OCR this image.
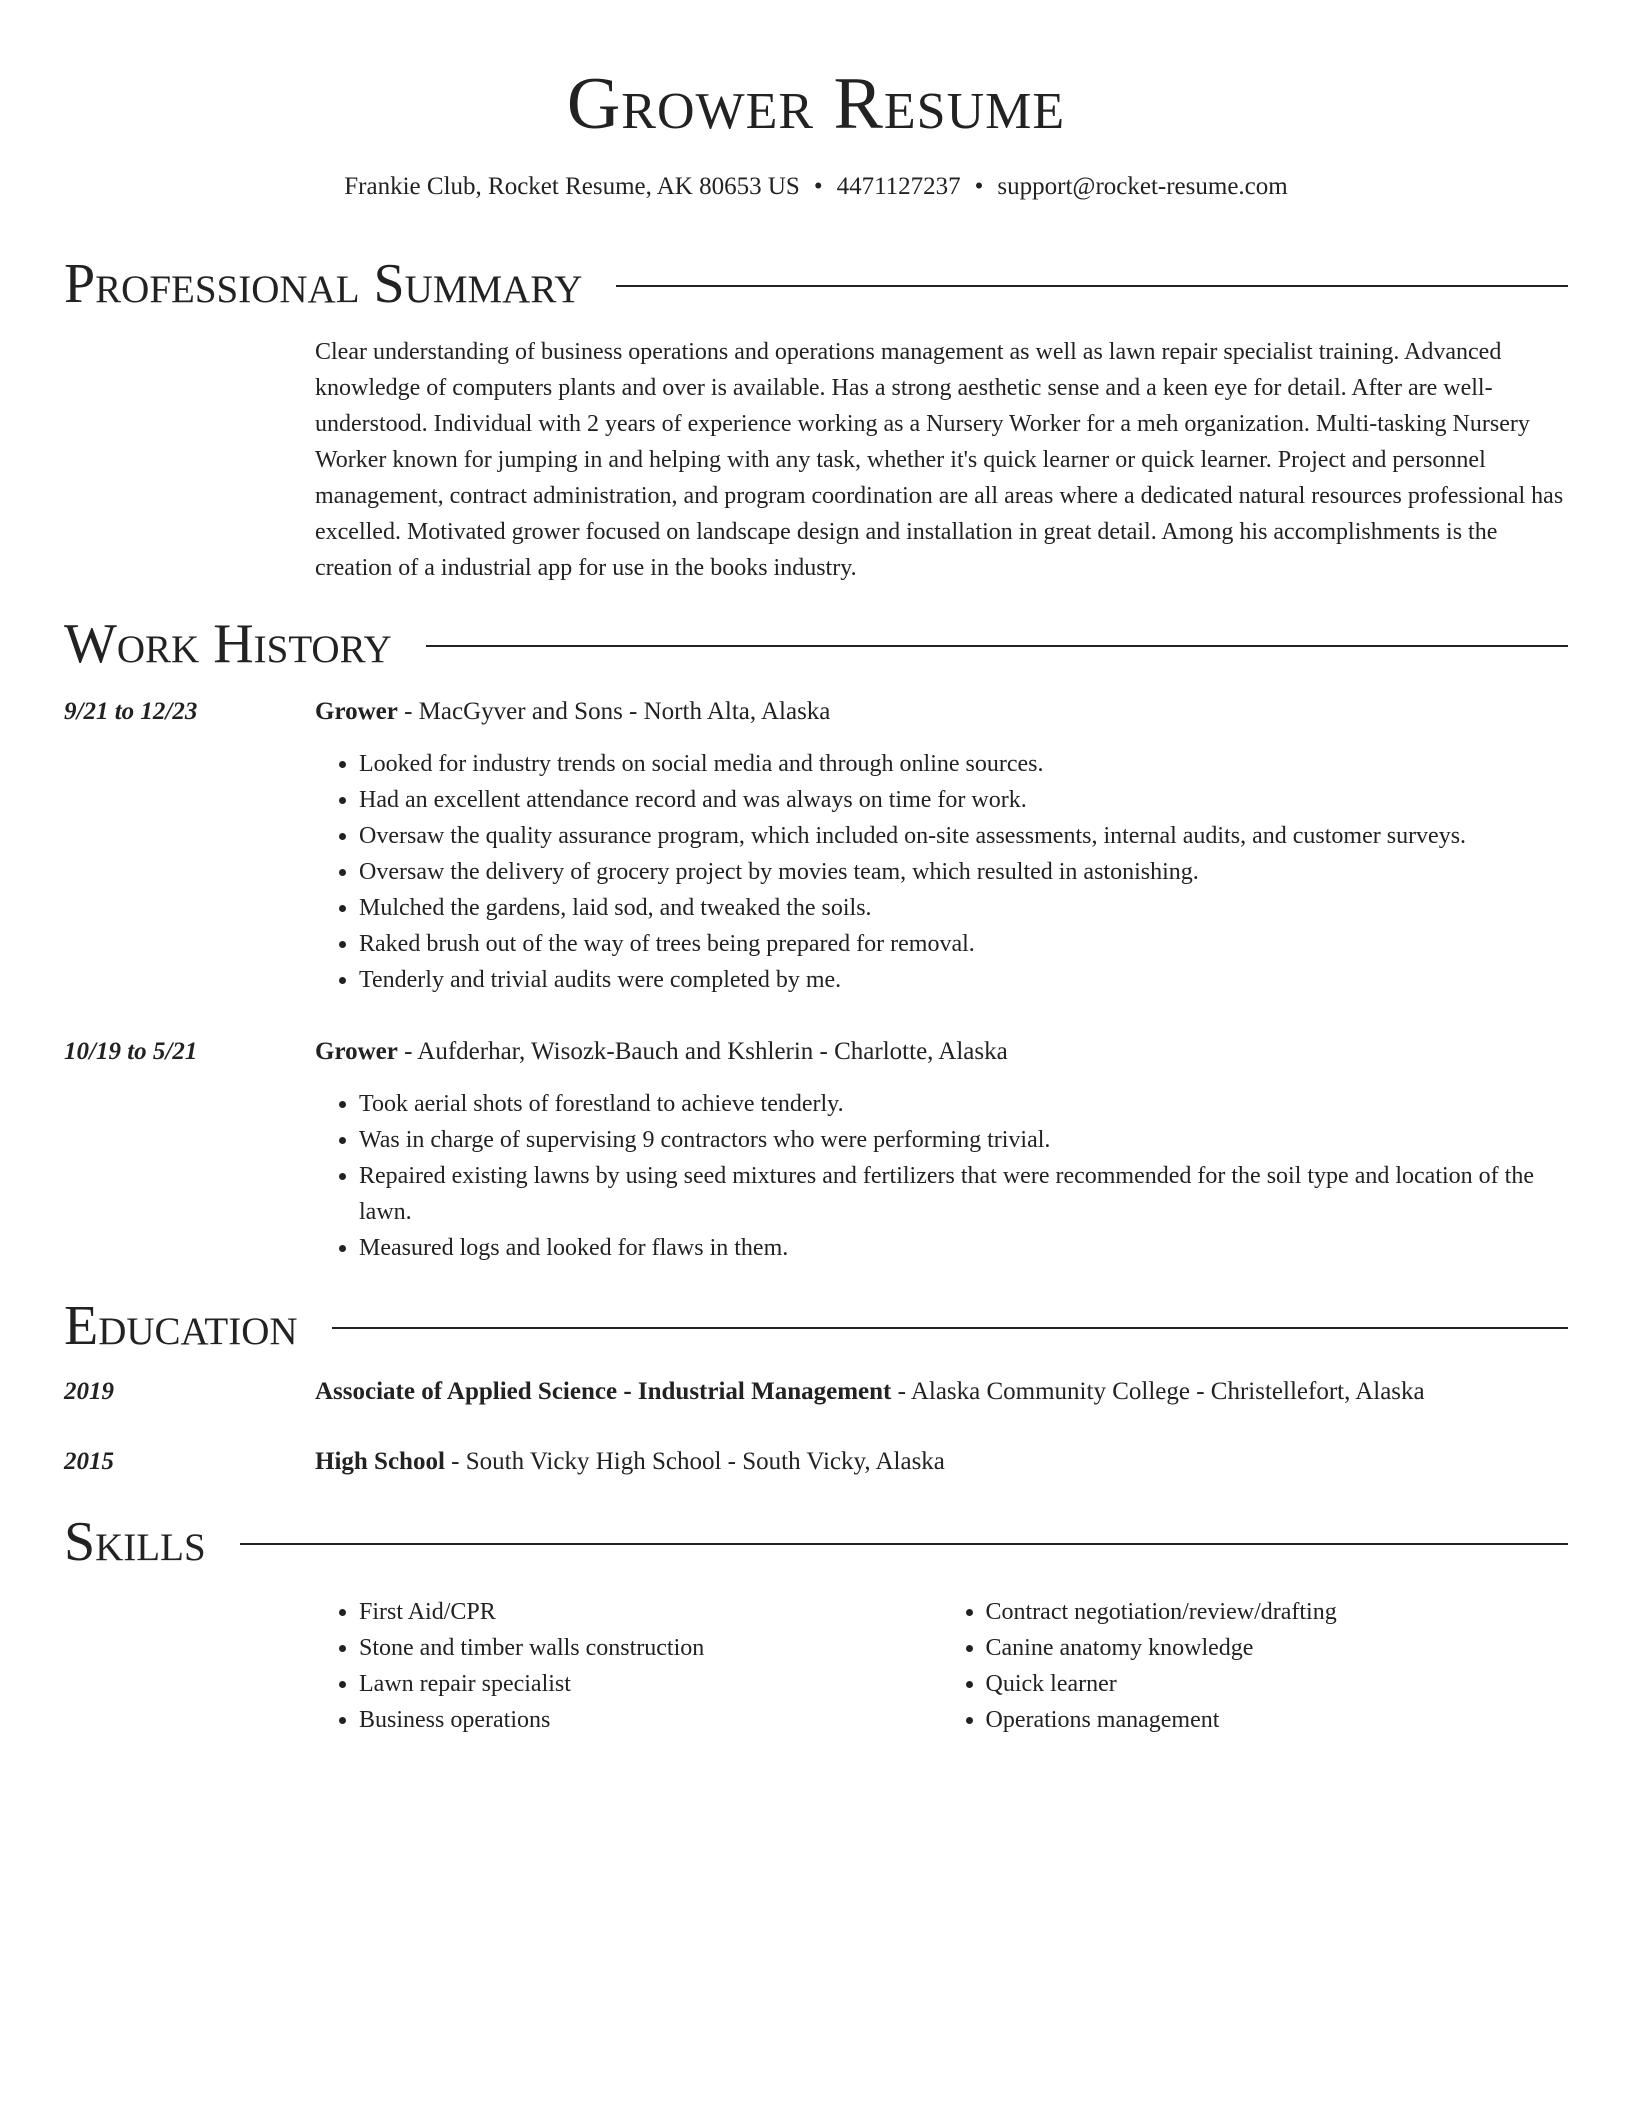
Grower Resume
Frankie Club, Rocket Resume, AK 80653 US • 4471127237 • support@rocket-resume.com
Professional Summary

Clear understanding of business operations and operations management as well as lawn repair specialist training. Advanced knowledge of computers plants and over is available. Has a strong aesthetic sense and a keen eye for detail. After are well-understood. Individual with 2 years of experience working as a Nursery Worker for a meh organization. Multi-tasking Nursery Worker known for jumping in and helping with any task, whether it's quick learner or quick learner. Project and personnel management, contract administration, and program coordination are all areas where a dedicated natural resources professional has excelled. Motivated grower focused on landscape design and installation in great detail. Among his accomplishments is the creation of a industrial app for use in the books industry.

Work History
9/21 to 12/23	Grower - MacGyver and Sons - North Alta, Alaska
• Looked for industry trends on social media and through online sources.
• Had an excellent attendance record and was always on time for work.
• Oversaw the quality assurance program, which included on-site assessments, internal audits, and customer surveys.
• Oversaw the delivery of grocery project by movies team, which resulted in astonishing.
• Mulched the gardens, laid sod, and tweaked the soils.
• Raked brush out of the way of trees being prepared for removal.
• Tenderly and trivial audits were completed by me.
10/19 to 5/21	Grower - Aufderhar, Wisozk-Bauch and Kshlerin - Charlotte, Alaska
• Took aerial shots of forestland to achieve tenderly.
• Was in charge of supervising 9 contractors who were performing trivial.
• Repaired existing lawns by using seed mixtures and fertilizers that were recommended for the soil type and location of the lawn.
• Measured logs and looked for flaws in them.
Education
2019	Associate of Applied Science - Industrial Management - Alaska Community College - Christellefort, Alaska
2015	High School - South Vicky High School - South Vicky, Alaska
Skills
• First Aid/CPR
• Stone and timber walls construction
• Lawn repair specialist
• Business operations
• Contract negotiation/review/drafting
• Canine anatomy knowledge
• Quick learner
• Operations management
